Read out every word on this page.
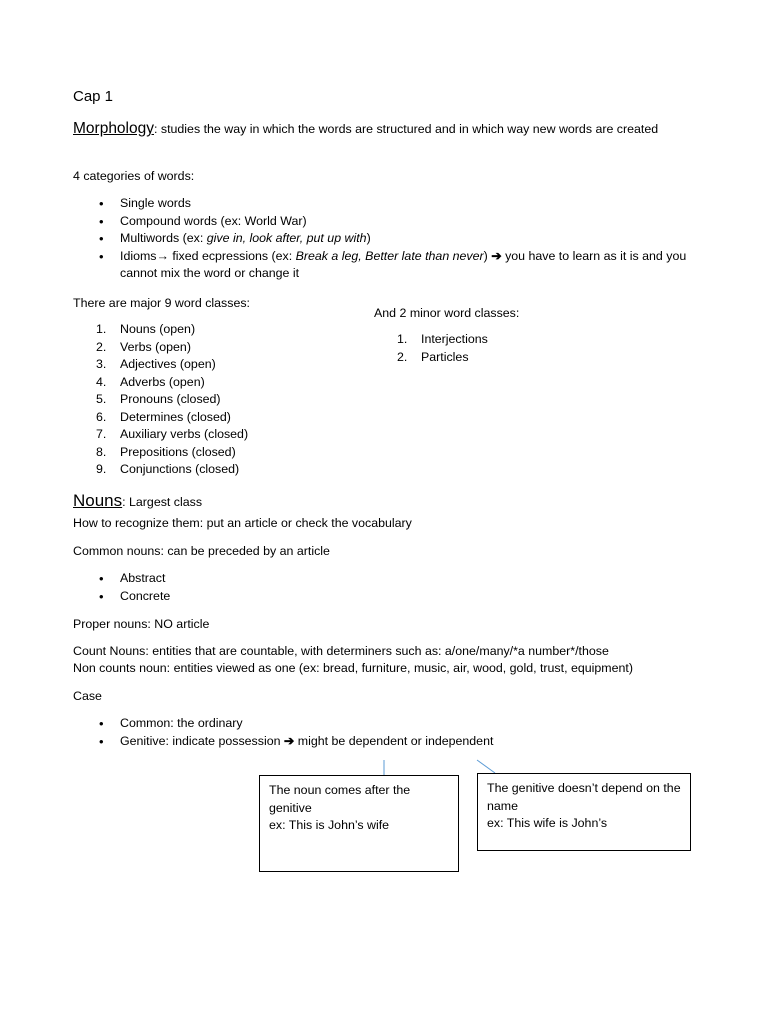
Cap 1
Morphology: studies the way in which the words are structured and in which way new words are created
4 categories of words:
• Single words
• Compound words (ex: World War)
• Multiwords (ex: give in, look after, put up with)
• Idioms→ fixed ecpressions (ex: Break a leg, Better late than never) ➔ you have to learn as it is and you cannot mix the word or change it
There are major 9 word classes:
1.	Nouns (open)
2.	Verbs (open)
3.	Adjectives (open)
4.	Adverbs (open)
5.	Pronouns (closed)
6.	Determines (closed)
7.	Auxiliary verbs (closed)
8.	Prepositions (closed)
9.	Conjunctions (closed)
And 2 minor word classes:
1.	Interjections
2.	Particles
Nouns: Largest class
How to recognize them: put an article or check the vocabulary
Common nouns: can be preceded by an article
• Abstract
• Concrete
Proper nouns: NO article
Count Nouns: entities that are countable, with determiners such as: a/one/many/*a number*/those
Non counts noun: entities viewed as one (ex: bread, furniture, music, air, wood, gold, trust, equipment)
Case
• Common: the ordinary
• Genitive: indicate possession ➔ might be dependent or independent
The noun comes after the genitive
ex: This is John’s wife
The genitive doesn’t depend on the name
ex: This wife is John’s
